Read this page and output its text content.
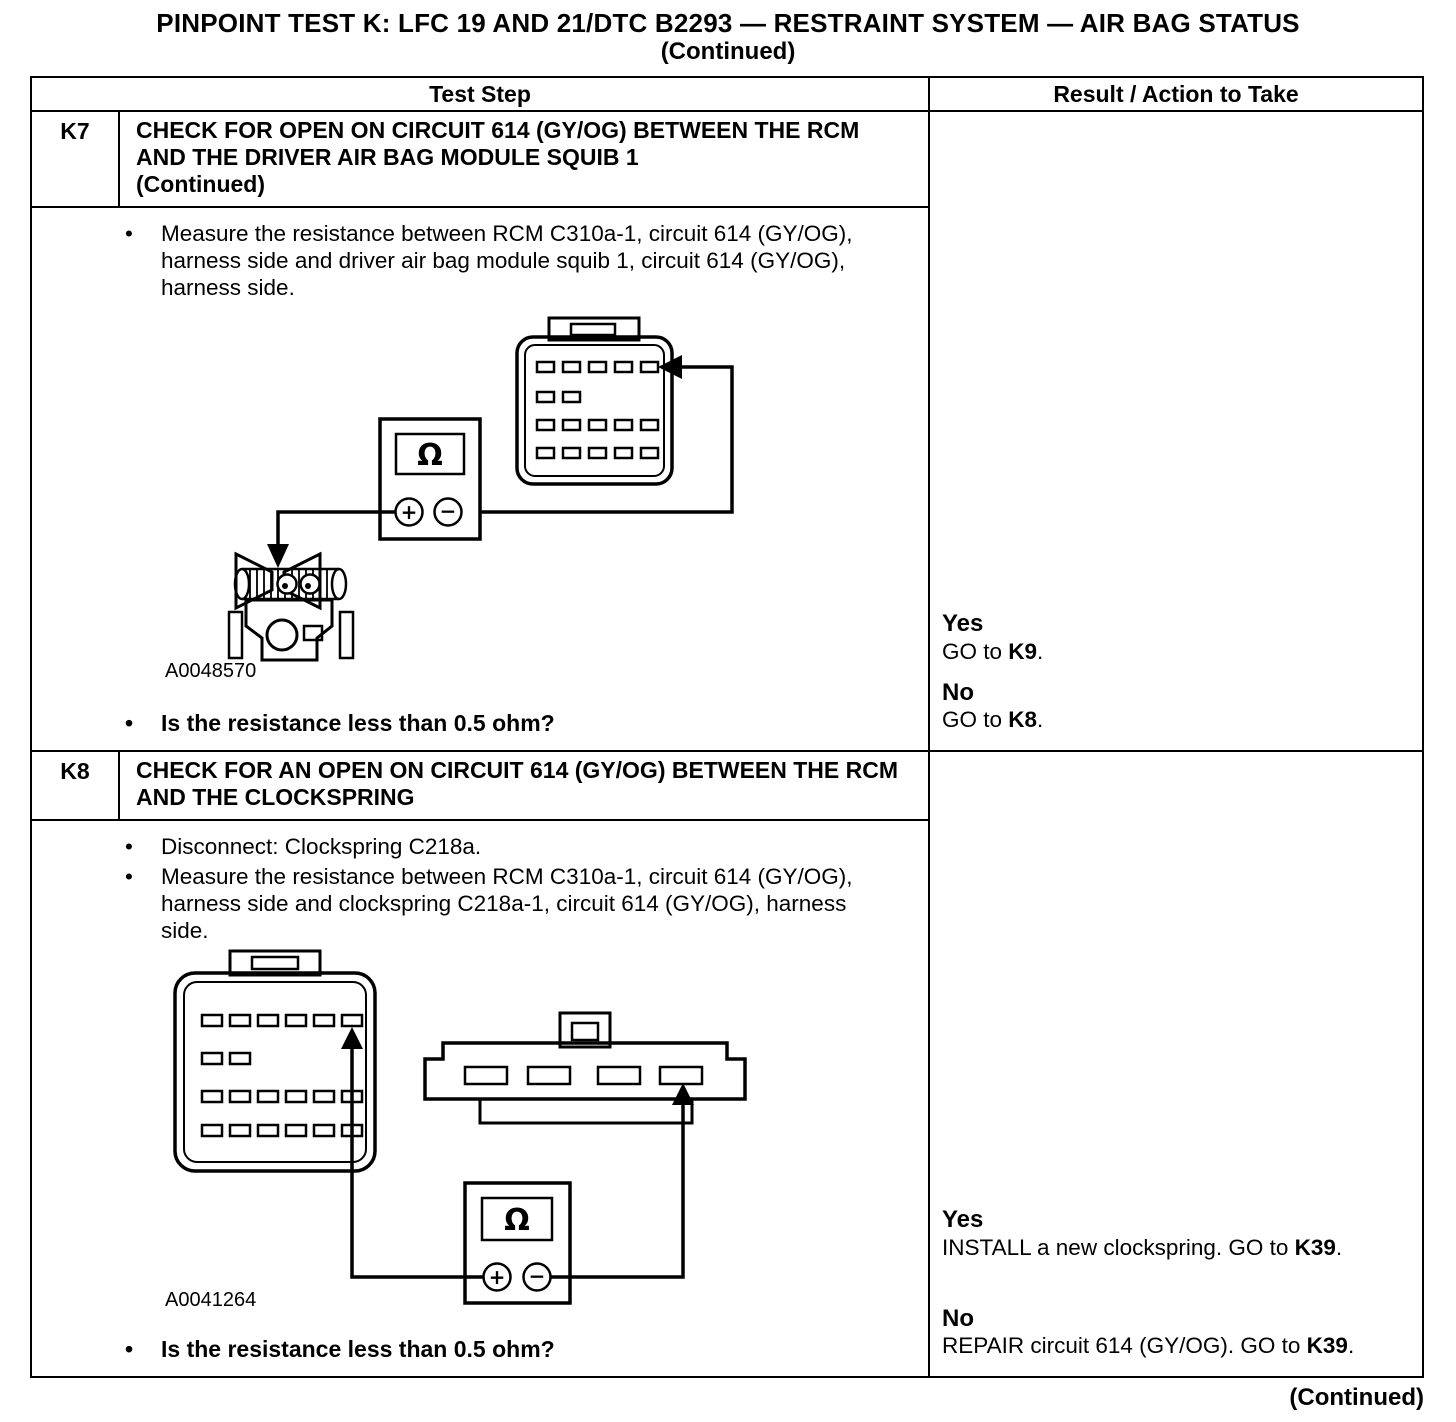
PINPOINT TEST K: LFC 19 AND 21/DTC B2293 — RESTRAINT SYSTEM — AIR BAG STATUS
(Continued)
Test Step	Result / Action to Take
K7	CHECK FOR OPEN ON CIRCUIT 614 (GY/OG) BETWEEN THE RCM AND THE DRIVER AIR BAG MODULE SQUIB 1
(Continued)
•
Measure the resistance between RCM C310a-1, circuit 614 (GY/OG), harness side and driver air bag module squib 1, circuit 614 (GY/OG), harness side.
Ω
+ −
A0048570
•
Is the resistance less than 0.5 ohm?
Yes
GO to K9.
No
GO to K8.
K8	CHECK FOR AN OPEN ON CIRCUIT 614 (GY/OG) BETWEEN THE RCM AND THE CLOCKSPRING
•
Disconnect: Clockspring C218a.
•
Measure the resistance between RCM C310a-1, circuit 614 (GY/OG), harness side and clockspring C218a-1, circuit 614 (GY/OG), harness side.
Ω
+ −
A0041264
•
Is the resistance less than 0.5 ohm?
Yes
INSTALL a new clockspring. GO to K39.
No
REPAIR circuit 614 (GY/OG). GO to K39.
(Continued)
